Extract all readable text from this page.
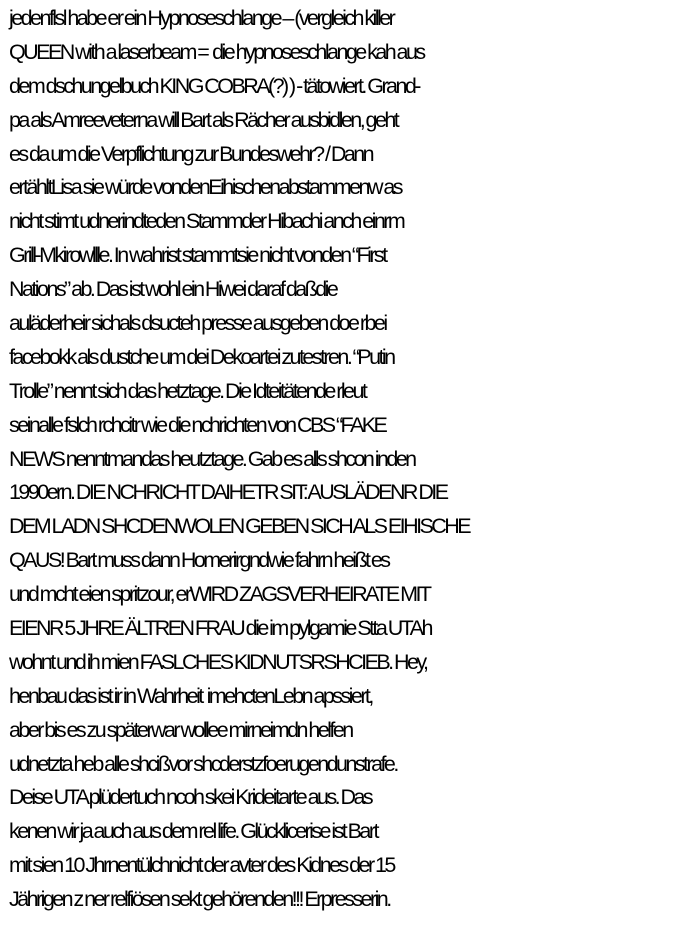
jedenflsl habe er ein Hypnoseschlange – (vergleich killer
QUEEN with a laserbeam =  die hypnoseschlange kah aus
dem dschungelbuch KING COBRA(?) ) - tätowiert. Grand-
pa als Amreeveterna will Bart als Rächer ausbidlen, geht
es da um die Verpflichtung zur Bundeswehr? / Dann
ertähltLisa sie würde vondenEihischenabstammenw as
nicht stimt udnerindteden Stammder Hibachi anch einrm
Grill-Mkirowllle. In wahrist stammtsie nicht vonden “First
Nations” ab. Das ist wohl ein Hiwei daraf daßdie
auläderheir sichals dsucteh presse ausgeben doe rbei
facebokk als dustche um dei Dekoartei zutestren. “Putin
Trolle” nennt sich das hetztage. Die Idteitätende rleut
seinalle fslch rchcitr wie die nchrichten von CBS “FAKE
NEWS nenntmandas heutztage. Gab es alls shcon inden
1990ern. DIE NCHRICHT DAIHETR SIT: AUSLÄDENR DIE
DEM LADN SHCDENWOLEN GEBEN SICH ALS EIHISCHE
QAUS! Bart muss dann Homerirgndwie fahrn heißt es
und mcht eien spritzour, erWIRD ZAGSVERHEIRATE MIT
EIENR 5 JHRE ÄLTREN FRAU die im pylgamie Stta UTAh
wohnt und ih mien FASLCHES KIDNUTSRSHCIEB. Hey,
henbau das ist ir in Wahrheit  imehctenLebn apssiert,
aber bis es zu späterwar wollee mirneimdn helfen
udnetzta heb alle shcißvor shcderstzfoerugendunstrafe.
Deise UTA plüdertuch ncoh skei Krideitarte aus. Das
kenen wir ja auch aus dem rel life. Glücklicerise ist Bart
mit sien 10 Jhrnentülchnicht der avter des Kidnes der 15
Jährigen z ner relfiösen sekt gehörenden!!! Erpresserin.
